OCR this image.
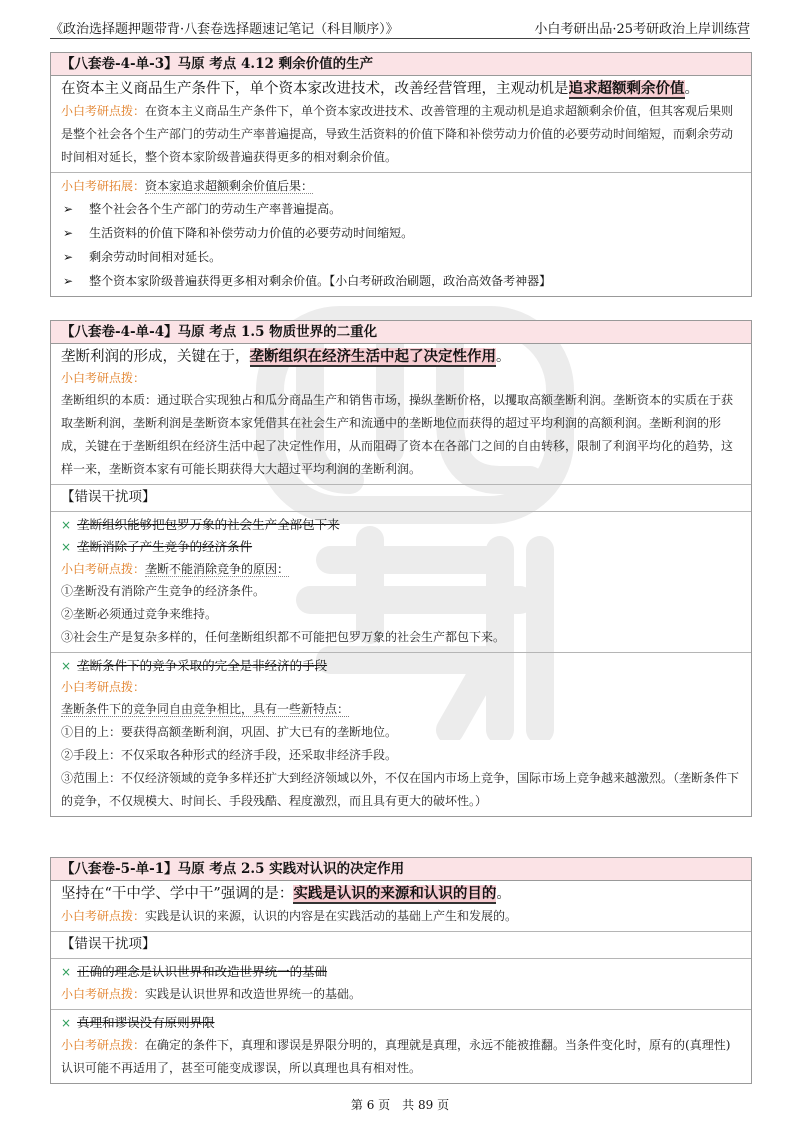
《政治选择题押题带背·八套卷选择题速记笔记（科目顺序）》	小白考研出品·25考研政治上岸训练营
【八套卷-4-单-3】马原 考点 4.12 剩余价值的生产
在资本主义商品生产条件下，单个资本家改进技术，改善经营管理，主观动机是追求超额剩余价值。
小白考研点拨：在资本主义商品生产条件下，单个资本家改进技术、改善管理的主观动机是追求超额剩余价值，但其客观后果则是整个社会各个生产部门的劳动生产率普遍提高，导致生活资料的价值下降和补偿劳动力价值的必要劳动时间缩短，而剩余劳动时间相对延长，整个资本家阶级普遍获得更多的相对剩余价值。
小白考研拓展：资本家追求超额剩余价值后果：
➢ 整个社会各个生产部门的劳动生产率普遍提高。
➢ 生活资料的价值下降和补偿劳动力价值的必要劳动时间缩短。
➢ 剩余劳动时间相对延长。
➢ 整个资本家阶级普遍获得更多相对剩余价值。【小白考研政治刷题，政治高效备考神器】
【八套卷-4-单-4】马原 考点 1.5 物质世界的二重化
垄断利润的形成，关键在于，垄断组织在经济生活中起了决定性作用。
小白考研点拨：
垄断组织的本质：通过联合实现独占和瓜分商品生产和销售市场，操纵垄断价格，以攫取高额垄断利润。垄断资本的实质在于获取垄断利润，垄断利润是垄断资本家凭借其在社会生产和流通中的垄断地位而获得的超过平均利润的高额利润。垄断利润的形成，关键在于垄断组织在经济生活中起了决定性作用，从而阻碍了资本在各部门之间的自由转移，限制了利润平均化的趋势，这样一来，垄断资本家有可能长期获得大大超过平均利润的垄断利润。
【错误干扰项】
× 垄断组织能够把包罗万象的社会生产全部包下来
× 垄断消除了产生竞争的经济条件
小白考研点拨：垄断不能消除竞争的原因：
①垄断没有消除产生竞争的经济条件。
②垄断必须通过竞争来维持。
③社会生产是复杂多样的，任何垄断组织都不可能把包罗万象的社会生产都包下来。
× 垄断条件下的竞争采取的完全是非经济的手段
小白考研点拨：
垄断条件下的竞争同自由竞争相比，具有一些新特点：
①目的上：要获得高额垄断利润，巩固、扩大已有的垄断地位。
②手段上：不仅采取各种形式的经济手段，还采取非经济手段。
③范围上：不仅经济领域的竞争多样还扩大到经济领域以外，不仅在国内市场上竞争，国际市场上竞争越来越激烈。（垄断条件下的竞争，不仅规模大、时间长、手段残酷、程度激烈，而且具有更大的破坏性。）
【八套卷-5-单-1】马原 考点 2.5 实践对认识的决定作用
坚持在“干中学、学中干”强调的是：实践是认识的来源和认识的目的。
小白考研点拨：实践是认识的来源，认识的内容是在实践活动的基础上产生和发展的。
【错误干扰项】
× 正确的理念是认识世界和改造世界统一的基础
小白考研点拨：实践是认识世界和改造世界统一的基础。
× 真理和谬误没有原则界限
小白考研点拨：在确定的条件下，真理和谬误是界限分明的，真理就是真理，永远不能被推翻。当条件变化时，原有的(真理性)认识可能不再适用了，甚至可能变成谬误，所以真理也具有相对性。
第 6 页　共 89 页
